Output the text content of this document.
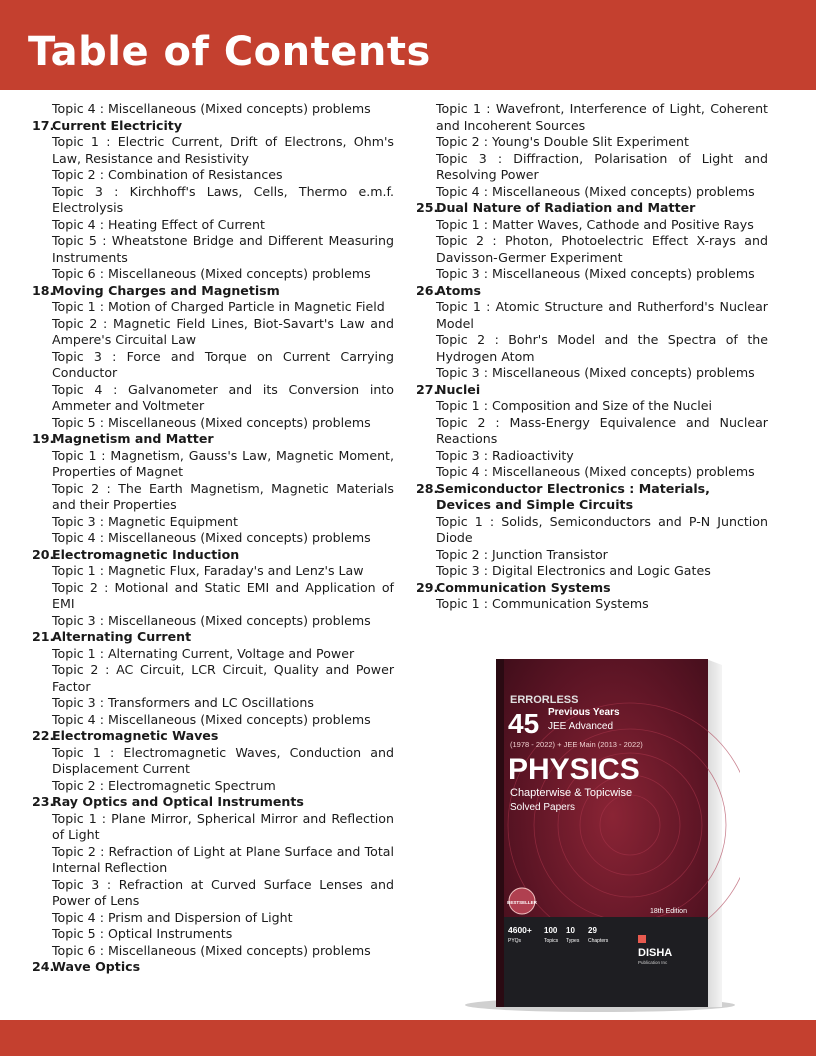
Table of Contents
Topic 4 : Miscellaneous (Mixed concepts) problems
17.
Current Electricity
Topic 1 : Electric Current, Drift of Electrons, Ohm's Law, Resistance and Resistivity
Topic 2 : Combination of Resistances
Topic 3 : Kirchhoff's Laws, Cells, Thermo e.m.f. Electrolysis
Topic 4 : Heating Effect of Current
Topic 5 : Wheatstone Bridge and Different Measuring Instruments
Topic 6 : Miscellaneous (Mixed concepts) problems
18.
Moving Charges and Magnetism
Topic 1 : Motion of Charged Particle in Magnetic Field
Topic 2 : Magnetic Field Lines, Biot-Savart's Law and Ampere's Circuital Law
Topic 3 : Force and Torque on Current Carrying Conductor
Topic 4 : Galvanometer and its Conversion into Ammeter and Voltmeter
Topic 5 : Miscellaneous (Mixed concepts) problems
19.
Magnetism and Matter
Topic 1 : Magnetism, Gauss's Law, Magnetic Moment, Properties of Magnet
Topic 2 : The Earth Magnetism, Magnetic Materials and their Properties
Topic 3 : Magnetic Equipment
Topic 4 : Miscellaneous (Mixed concepts) problems
20.
Electromagnetic Induction
Topic 1 : Magnetic Flux, Faraday's and Lenz's Law
Topic 2 : Motional and Static EMI and Application of EMI
Topic 3 : Miscellaneous (Mixed concepts) problems
21.
Alternating Current
Topic 1 : Alternating Current, Voltage and Power
Topic 2 : AC Circuit, LCR Circuit, Quality and Power Factor
Topic 3 : Transformers and LC Oscillations
Topic 4 : Miscellaneous (Mixed concepts) problems
22.
Electromagnetic Waves
Topic 1 : Electromagnetic Waves, Conduction and Displacement Current
Topic 2 : Electromagnetic Spectrum
23.
Ray Optics and Optical Instruments
Topic 1 : Plane Mirror, Spherical Mirror and Reflection of Light
Topic 2 : Refraction of Light at Plane Surface and Total Internal Reflection
Topic 3 : Refraction at Curved Surface Lenses and Power of Lens
Topic 4 : Prism and Dispersion of Light
Topic 5 : Optical Instruments
Topic 6 : Miscellaneous (Mixed concepts) problems
24.
Wave Optics
Topic 1 : Wavefront, Interference of Light, Coherent and Incoherent Sources
Topic 2 : Young's Double Slit Experiment
Topic 3 : Diffraction, Polarisation of Light and Resolving Power
Topic 4 : Miscellaneous (Mixed concepts) problems
25.
Dual Nature of Radiation and Matter
Topic 1 : Matter Waves, Cathode and Positive Rays
Topic 2 : Photon, Photoelectric Effect X-rays and Davisson-Germer Experiment
Topic 3 : Miscellaneous (Mixed concepts) problems
26.
Atoms
Topic 1 : Atomic Structure and Rutherford's Nuclear Model
Topic 2 : Bohr's Model and the Spectra of the Hydrogen Atom
Topic 3 : Miscellaneous (Mixed concepts) problems
27.
Nuclei
Topic 1 : Composition and Size of the Nuclei
Topic 2 : Mass-Energy Equivalence and Nuclear Reactions
Topic 3 : Radioactivity
Topic 4 : Miscellaneous (Mixed concepts) problems
28.
Semiconductor Electronics : Materials, Devices and Simple Circuits
Topic 1 : Solids, Semiconductors and P-N Junction Diode
Topic 2 : Junction Transistor
Topic 3 : Digital Electronics and Logic Gates
29.
Communication Systems
Topic 1 : Communication Systems
ERRORLESS
45 Previous Years
JEE Advanced
(1978 - 2022) + JEE Main (2013 - 2022)
PHYSICS
Chapterwise & Topicwise
Solved Papers
BESTSELLER
18th Edition
4600+
PYQs
100
Topics
10
Types
29
Chapters
DISHA
Publication Inc
